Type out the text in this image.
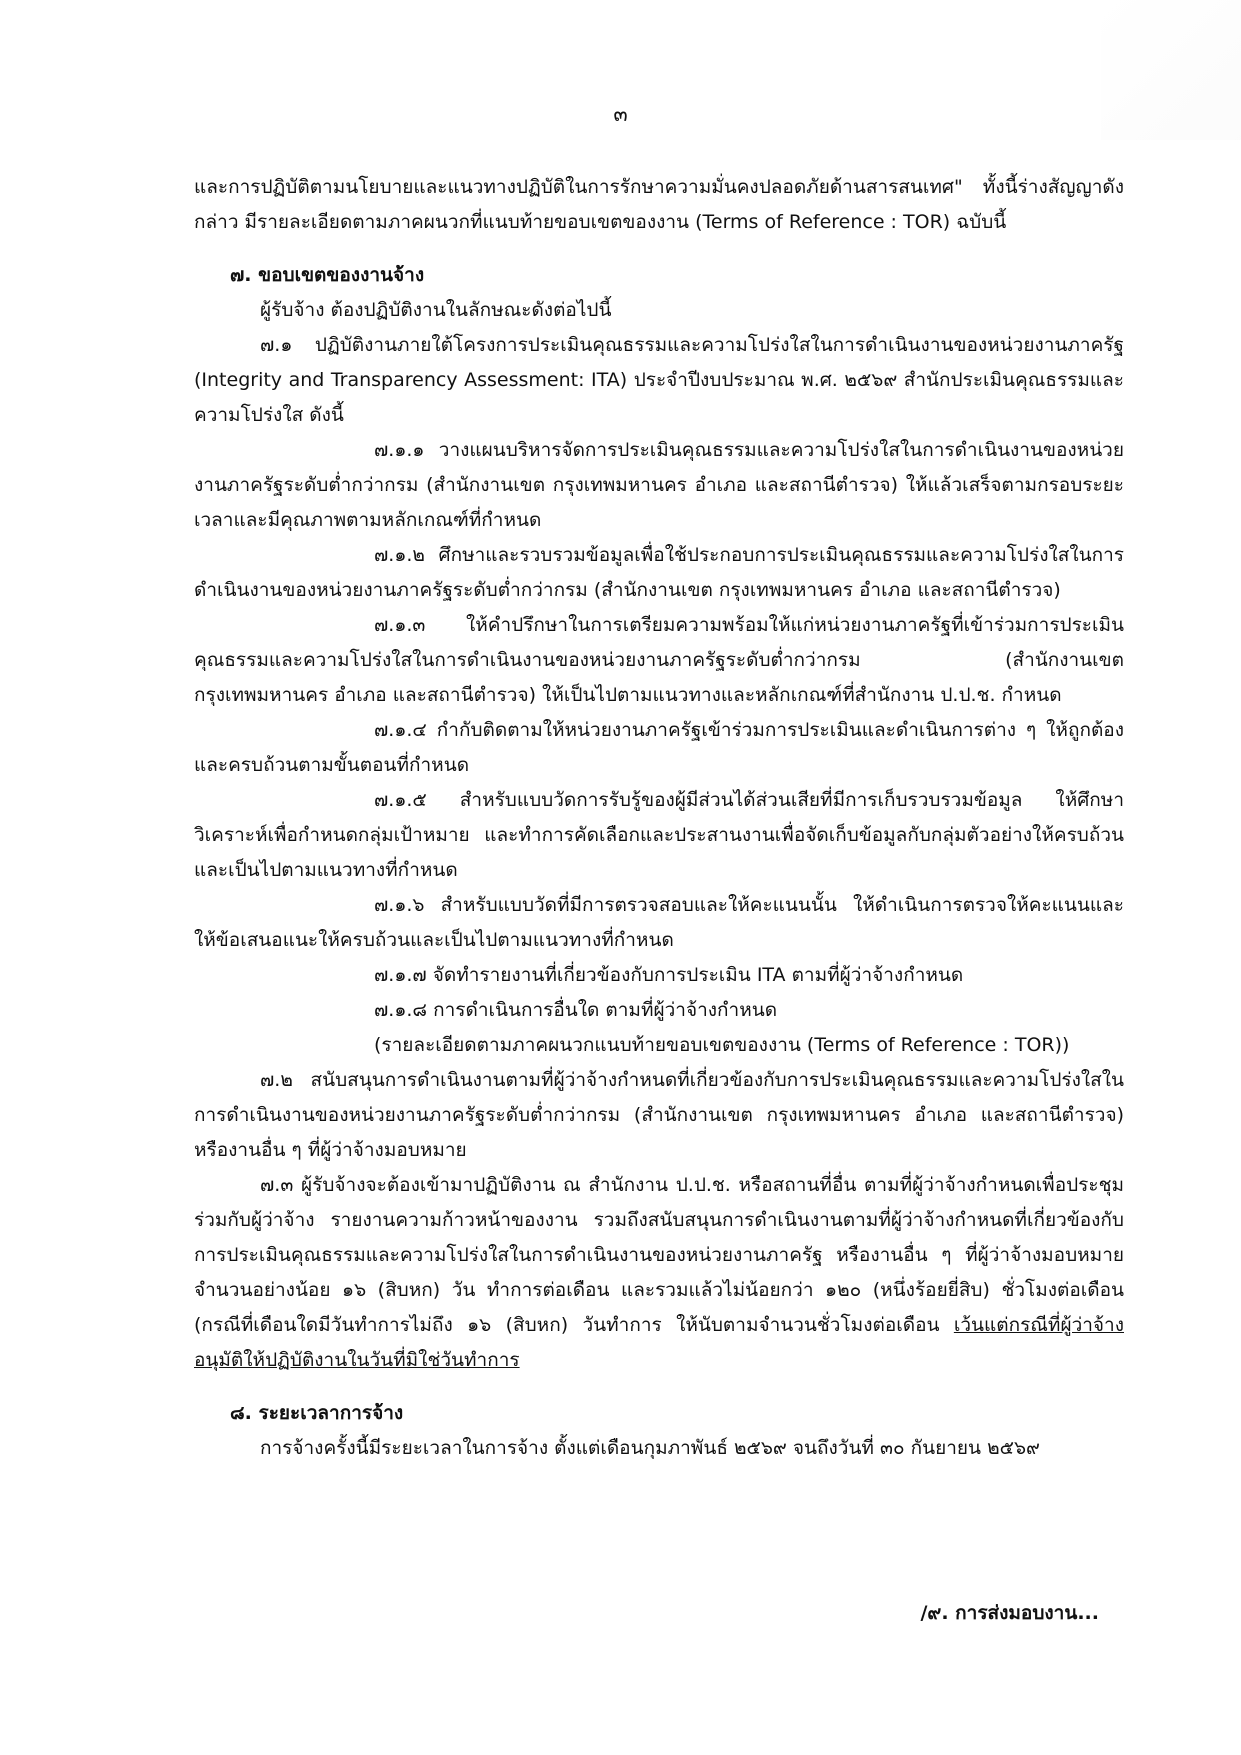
๓

และการปฏิบัติตามนโยบายและแนวทางปฏิบัติในการรักษาความมั่นคงปลอดภัยด้านสารสนเทศ" ทั้งนี้ร่างสัญญาดังกล่าว มีรายละเอียดตามภาคผนวกที่แนบท้ายขอบเขตของงาน (Terms of Reference : TOR) ฉบับนี้

๗. ขอบเขตของงานจ้าง

ผู้รับจ้าง ต้องปฏิบัติงานในลักษณะดังต่อไปนี้

๗.๑ ปฏิบัติงานภายใต้โครงการประเมินคุณธรรมและความโปร่งใสในการดำเนินงานของหน่วยงานภาครัฐ (Integrity and Transparency Assessment: ITA) ประจำปีงบประมาณ พ.ศ. ๒๕๖๙ สำนักประเมินคุณธรรมและความโปร่งใส ดังนี้

๗.๑.๑ วางแผนบริหารจัดการประเมินคุณธรรมและความโปร่งใสในการดำเนินงานของหน่วยงานภาครัฐระดับต่ำกว่ากรม (สำนักงานเขต กรุงเทพมหานคร อำเภอ และสถานีตำรวจ) ให้แล้วเสร็จตามกรอบระยะเวลาและมีคุณภาพตามหลักเกณฑ์ที่กำหนด

๗.๑.๒ ศึกษาและรวบรวมข้อมูลเพื่อใช้ประกอบการประเมินคุณธรรมและความโปร่งใสในการดำเนินงานของหน่วยงานภาครัฐระดับต่ำกว่ากรม (สำนักงานเขต กรุงเทพมหานคร อำเภอ และสถานีตำรวจ)

๗.๑.๓ ให้คำปรึกษาในการเตรียมความพร้อมให้แก่หน่วยงานภาครัฐที่เข้าร่วมการประเมินคุณธรรมและความโปร่งใสในการดำเนินงานของหน่วยงานภาครัฐระดับต่ำกว่ากรม (สำนักงานเขต กรุงเทพมหานคร อำเภอ และสถานีตำรวจ) ให้เป็นไปตามแนวทางและหลักเกณฑ์ที่สำนักงาน ป.ป.ช. กำหนด

๗.๑.๔ กำกับติดตามให้หน่วยงานภาครัฐเข้าร่วมการประเมินและดำเนินการต่าง ๆ ให้ถูกต้องและครบถ้วนตามขั้นตอนที่กำหนด

๗.๑.๕ สำหรับแบบวัดการรับรู้ของผู้มีส่วนได้ส่วนเสียที่มีการเก็บรวบรวมข้อมูล ให้ศึกษาวิเคราะห์เพื่อกำหนดกลุ่มเป้าหมาย และทำการคัดเลือกและประสานงานเพื่อจัดเก็บข้อมูลกับกลุ่มตัวอย่างให้ครบถ้วนและเป็นไปตามแนวทางที่กำหนด

๗.๑.๖ สำหรับแบบวัดที่มีการตรวจสอบและให้คะแนนนั้น ให้ดำเนินการตรวจให้คะแนนและให้ข้อเสนอแนะให้ครบถ้วนและเป็นไปตามแนวทางที่กำหนด

๗.๑.๗ จัดทำรายงานที่เกี่ยวข้องกับการประเมิน ITA ตามที่ผู้ว่าจ้างกำหนด

๗.๑.๘ การดำเนินการอื่นใด ตามที่ผู้ว่าจ้างกำหนด

(รายละเอียดตามภาคผนวกแนบท้ายขอบเขตของงาน (Terms of Reference : TOR))

๗.๒ สนับสนุนการดำเนินงานตามที่ผู้ว่าจ้างกำหนดที่เกี่ยวข้องกับการประเมินคุณธรรมและความโปร่งใสในการดำเนินงานของหน่วยงานภาครัฐระดับต่ำกว่ากรม (สำนักงานเขต กรุงเทพมหานคร อำเภอ และสถานีตำรวจ) หรืองานอื่น ๆ ที่ผู้ว่าจ้างมอบหมาย

๗.๓ ผู้รับจ้างจะต้องเข้ามาปฏิบัติงาน ณ สำนักงาน ป.ป.ช. หรือสถานที่อื่น ตามที่ผู้ว่าจ้างกำหนดเพื่อประชุมร่วมกับผู้ว่าจ้าง รายงานความก้าวหน้าของงาน รวมถึงสนับสนุนการดำเนินงานตามที่ผู้ว่าจ้างกำหนดที่เกี่ยวข้องกับการประเมินคุณธรรมและความโปร่งใสในการดำเนินงานของหน่วยงานภาครัฐ หรืองานอื่น ๆ ที่ผู้ว่าจ้างมอบหมาย จำนวนอย่างน้อย ๑๖ (สิบหก) วัน ทำการต่อเดือน และรวมแล้วไม่น้อยกว่า ๑๒๐ (หนึ่งร้อยยี่สิบ) ชั่วโมงต่อเดือน (กรณีที่เดือนใดมีวันทำการไม่ถึง ๑๖ (สิบหก) วันทำการ ให้นับตามจำนวนชั่วโมงต่อเดือน เว้นแต่กรณีที่ผู้ว่าจ้างอนุมัติให้ปฏิบัติงานในวันที่มิใช่วันทำการ

๘. ระยะเวลาการจ้าง

การจ้างครั้งนี้มีระยะเวลาในการจ้าง ตั้งแต่เดือนกุมภาพันธ์ ๒๕๖๙ จนถึงวันที่ ๓๐ กันยายน ๒๕๖๙

/๙. การส่งมอบงาน...
